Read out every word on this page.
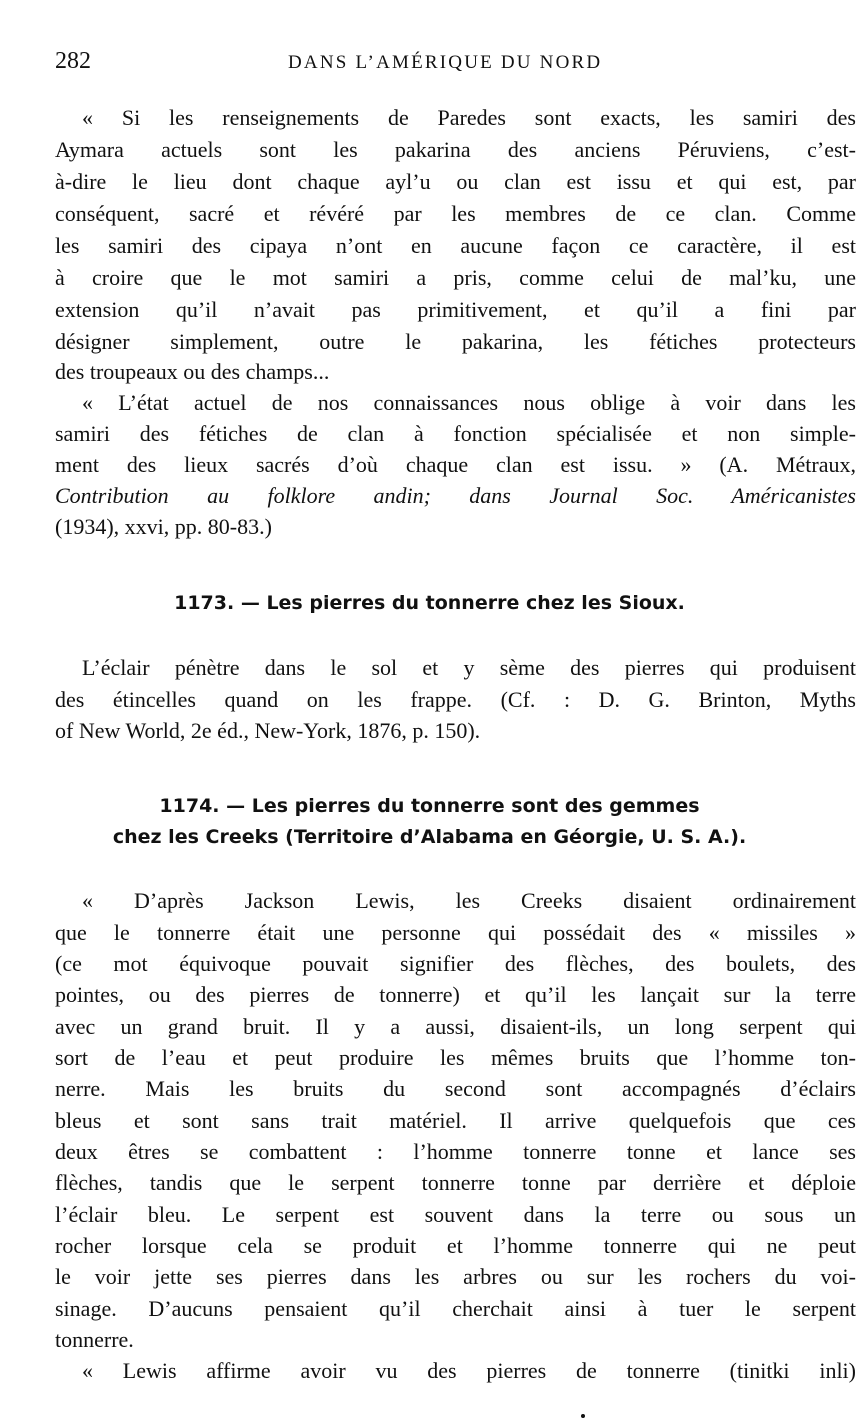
282	DANS L’AMÉRIQUE DU NORD
« Si les renseignements de Paredes sont exacts, les samiri des
Aymara actuels sont les pakarina des anciens Péruviens, c’est-
à-dire le lieu dont chaque ayl’u ou clan est issu et qui est, par
conséquent, sacré et révéré par les membres de ce clan. Comme
les samiri des cipaya n’ont en aucune façon ce caractère, il est
à croire que le mot samiri a pris, comme celui de mal’ku, une
extension qu’il n’avait pas primitivement, et qu’il a fini par
désigner simplement, outre le pakarina, les fétiches protecteurs
des troupeaux ou des champs...
« L’état actuel de nos connaissances nous oblige à voir dans les
samiri des fétiches de clan à fonction spécialisée et non simple-
ment des lieux sacrés d’où chaque clan est issu. » (A. Métraux,
Contribution au folklore andin; dans Journal Soc. Américanistes
(1934), xxvi, pp. 80-83.)
1173. — Les pierres du tonnerre chez les Sioux.
L’éclair pénètre dans le sol et y sème des pierres qui produisent
des étincelles quand on les frappe. (Cf. : D. G. Brinton, Myths
of New World, 2e éd., New-York, 1876, p. 150).
1174. — Les pierres du tonnerre sont des gemmes
chez les Creeks (Territoire d’Alabama en Géorgie, U. S. A.).
« D’après Jackson Lewis, les Creeks disaient ordinairement
que le tonnerre était une personne qui possédait des « missiles »
(ce mot équivoque pouvait signifier des flèches, des boulets, des
pointes, ou des pierres de tonnerre) et qu’il les lançait sur la terre
avec un grand bruit. Il y a aussi, disaient-ils, un long serpent qui
sort de l’eau et peut produire les mêmes bruits que l’homme ton-
nerre. Mais les bruits du second sont accompagnés d’éclairs
bleus et sont sans trait matériel. Il arrive quelquefois que ces
deux êtres se combattent : l’homme tonnerre tonne et lance ses
flèches, tandis que le serpent tonnerre tonne par derrière et déploie
l’éclair bleu. Le serpent est souvent dans la terre ou sous un
rocher lorsque cela se produit et l’homme tonnerre qui ne peut
le voir jette ses pierres dans les arbres ou sur les rochers du voi-
sinage. D’aucuns pensaient qu’il cherchait ainsi à tuer le serpent
tonnerre.
« Lewis affirme avoir vu des pierres de tonnerre (tinitki inli)
